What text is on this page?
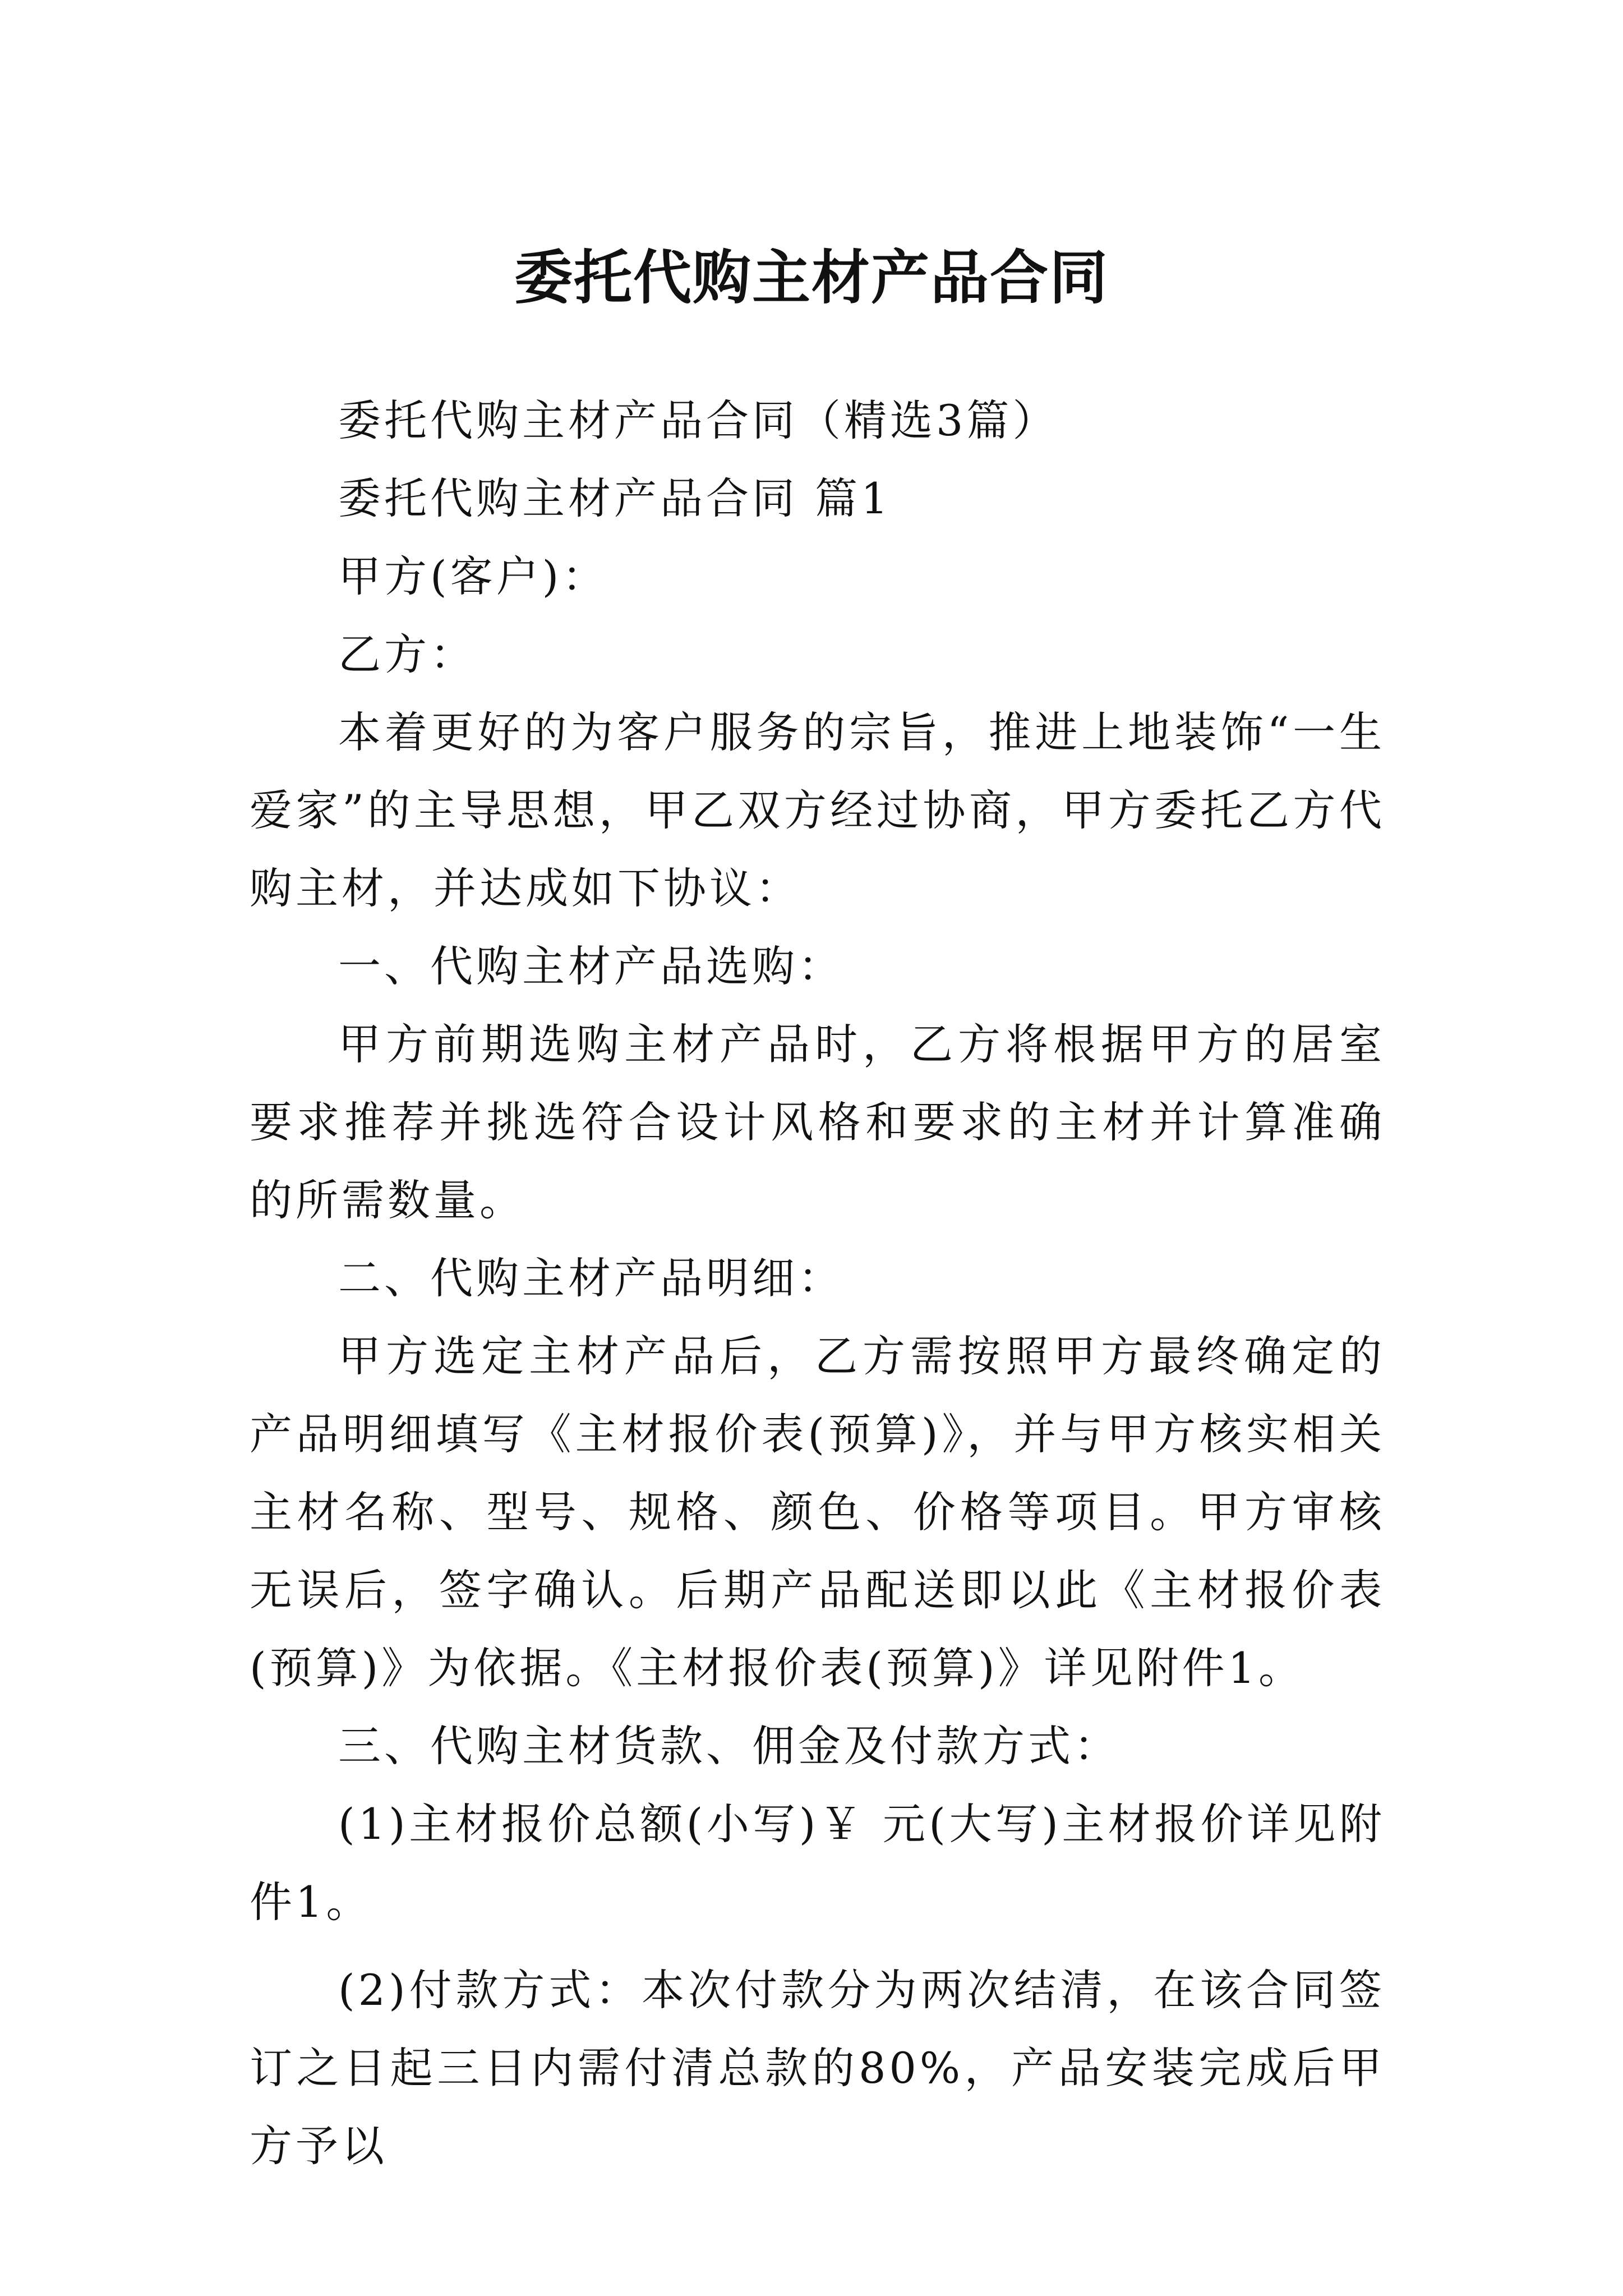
委托代购主材产品合同

委托代购主材产品合同（精选3篇）

委托代购主材产品合同 篇1

甲方(客户)：

乙方：

本着更好的为客户服务的宗旨，推进上地装饰“一生爱家”的主导思想，甲乙双方经过协商，甲方委托乙方代购主材，并达成如下协议：

一、代购主材产品选购：

甲方前期选购主材产品时，乙方将根据甲方的居室要求推荐并挑选符合设计风格和要求的主材并计算准确的所需数量。

二、代购主材产品明细：

甲方选定主材产品后，乙方需按照甲方最终确定的产品明细填写《主材报价表(预算)》，并与甲方核实相关主材名称、型号、规格、颜色、价格等项目。甲方审核无误后，签字确认。后期产品配送即以此《主材报价表(预算)》为依据。《主材报价表(预算)》详见附件1。

三、代购主材货款、佣金及付款方式：

(1)主材报价总额(小写)￥ 元(大写)主材报价详见附件1。

(2)付款方式：本次付款分为两次结清，在该合同签订之日起三日内需付清总款的80%，产品安装完成后甲方予以
